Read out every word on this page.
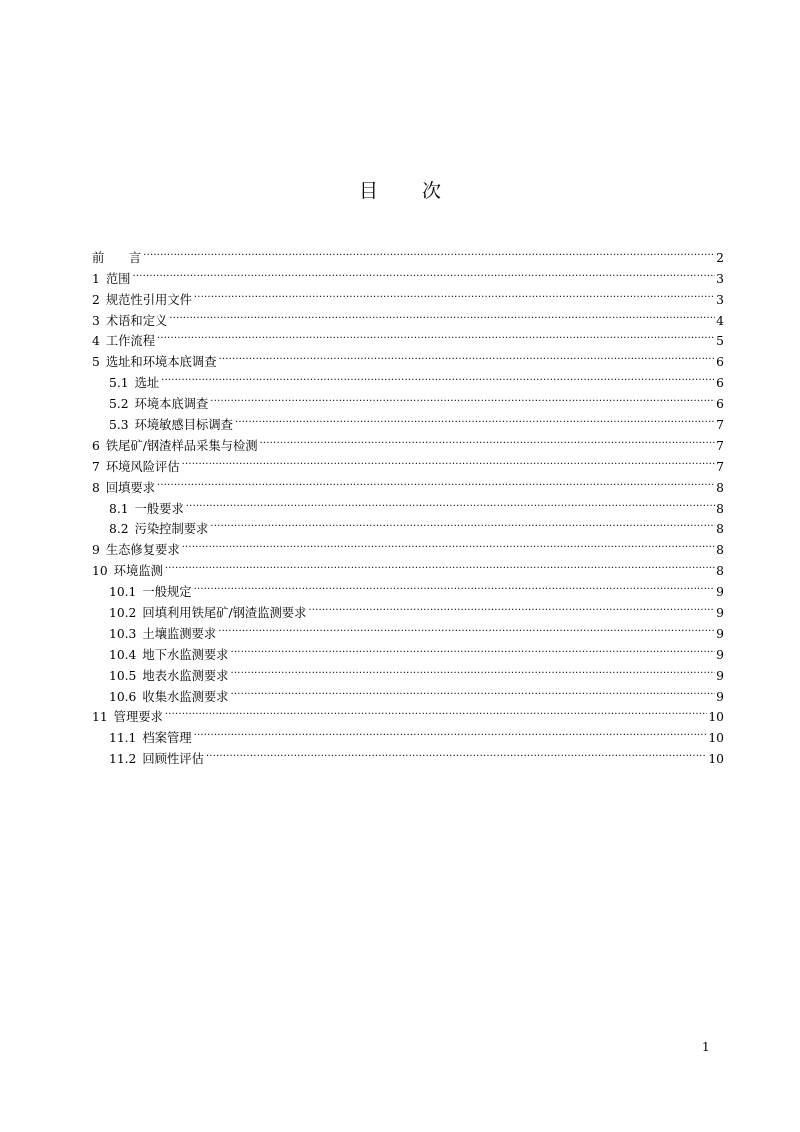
目 次
前　　言 .....	2
1 范围 .....	3
2 规范性引用文件 .....	3
3 术语和定义 .....	4
4 工作流程 .....	5
5 选址和环境本底调查 .....	6
5.1 选址 .....	6
5.2 环境本底调查 .....	6
5.3 环境敏感目标调查 .....	7
6 铁尾矿/钢渣样品采集与检测 .....	7
7 环境风险评估 .....	7
8 回填要求 .....	8
8.1 一般要求 .....	8
8.2 污染控制要求 .....	8
9 生态修复要求 .....	8
10 环境监测 .....	8
10.1 一般规定 .....	9
10.2 回填利用铁尾矿/钢渣监测要求 .....	9
10.3 土壤监测要求 .....	9
10.4 地下水监测要求 .....	9
10.5 地表水监测要求 .....	9
10.6 收集水监测要求 .....	9
11 管理要求 .....	10
11.1 档案管理 .....	10
11.2 回顾性评估 .....	10
1
